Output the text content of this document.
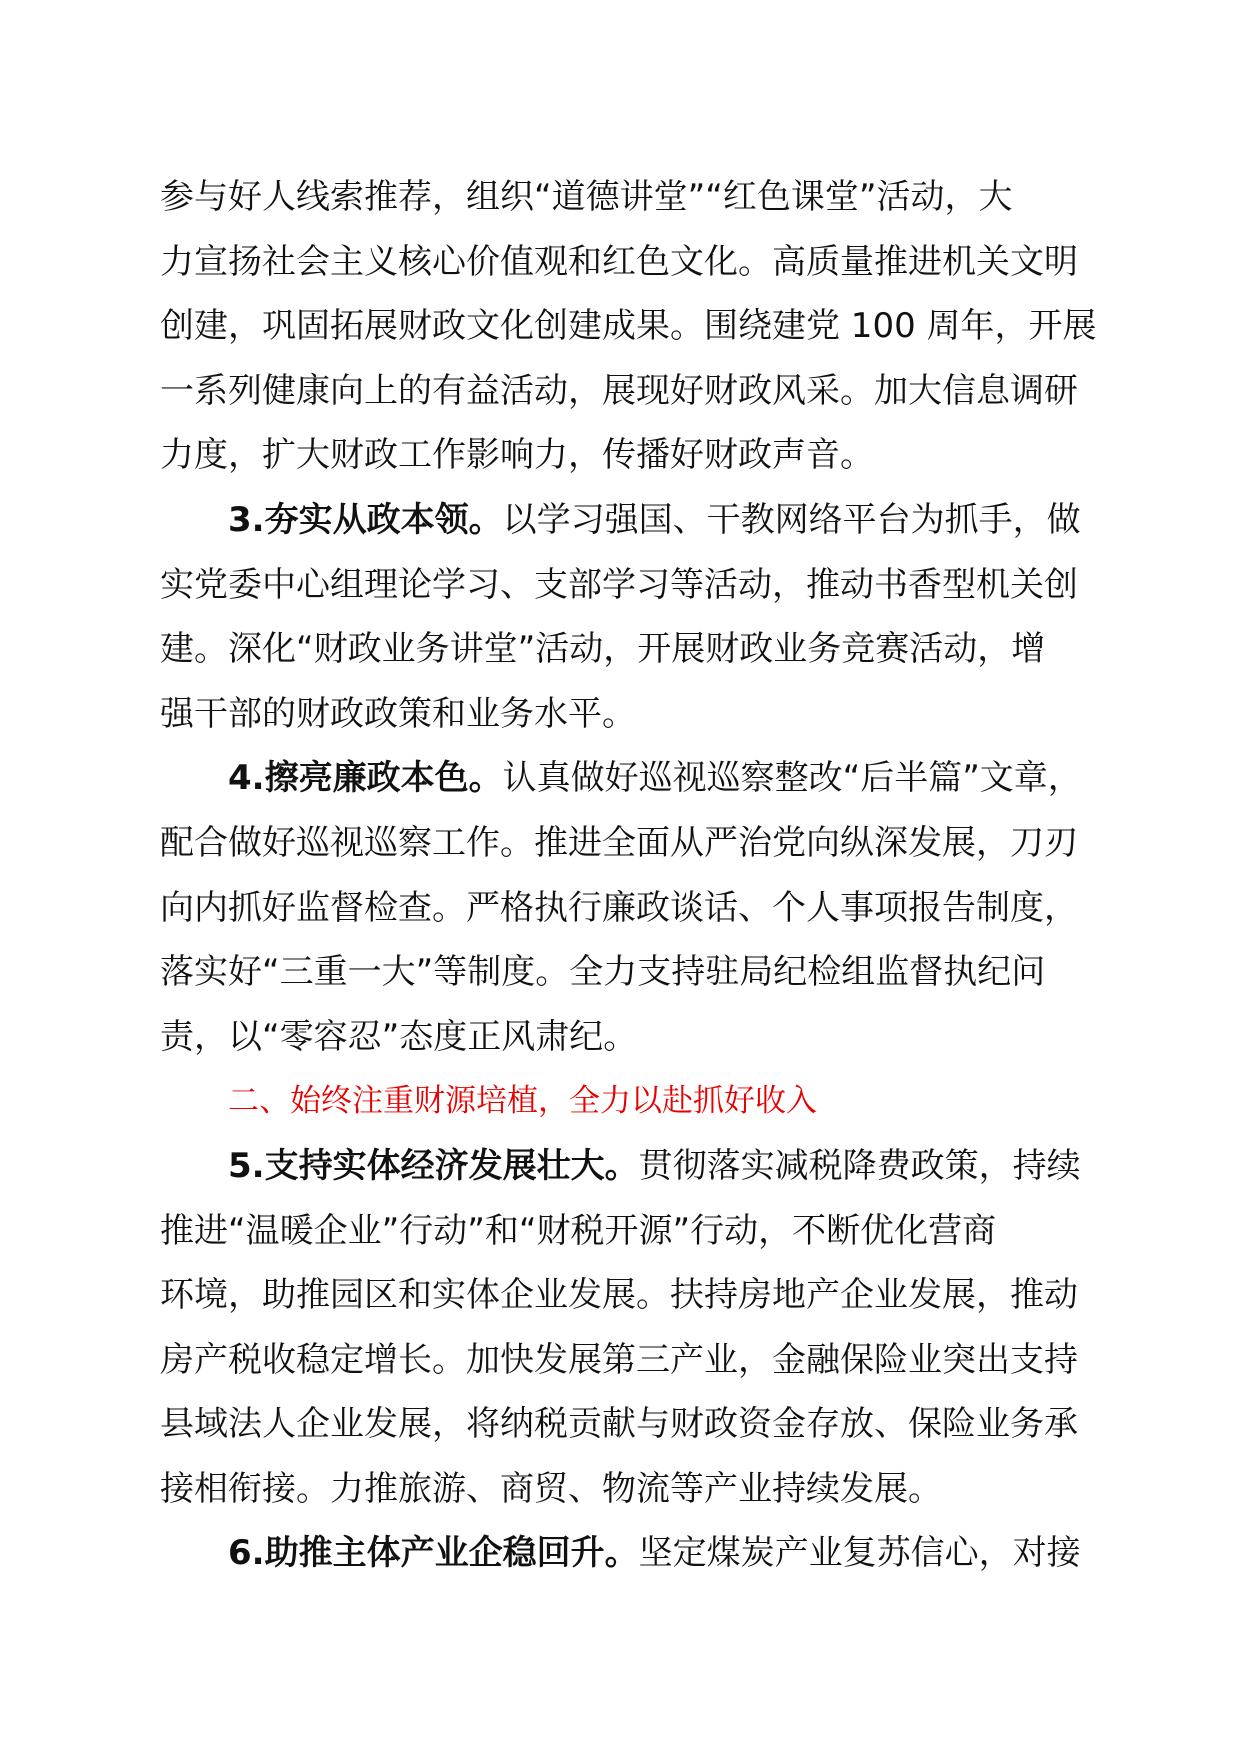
参与好人线索推荐，组织“道德讲堂”“红色课堂”活动，大
力宣扬社会主义核心价值观和红色文化。高质量推进机关文明
创建，巩固拓展财政文化创建成果。围绕建党 100 周年，开展
一系列健康向上的有益活动，展现好财政风采。加大信息调研
力度，扩大财政工作影响力，传播好财政声音。
3.夯实从政本领。以学习强国、干教网络平台为抓手，做
实党委中心组理论学习、支部学习等活动，推动书香型机关创
建。深化“财政业务讲堂”活动，开展财政业务竞赛活动，增
强干部的财政政策和业务水平。
4.擦亮廉政本色。认真做好巡视巡察整改“后半篇”文章，
配合做好巡视巡察工作。推进全面从严治党向纵深发展，刀刃
向内抓好监督检查。严格执行廉政谈话、个人事项报告制度，
落实好“三重一大”等制度。全力支持驻局纪检组监督执纪问
责，以“零容忍”态度正风肃纪。
二、始终注重财源培植，全力以赴抓好收入
5.支持实体经济发展壮大。贯彻落实减税降费政策，持续
推进“温暖企业”行动”和“财税开源”行动，不断优化营商
环境，助推园区和实体企业发展。扶持房地产企业发展，推动
房产税收稳定增长。加快发展第三产业，金融保险业突出支持
县域法人企业发展，将纳税贡献与财政资金存放、保险业务承
接相衔接。力推旅游、商贸、物流等产业持续发展。
6.助推主体产业企稳回升。坚定煤炭产业复苏信心，对接
